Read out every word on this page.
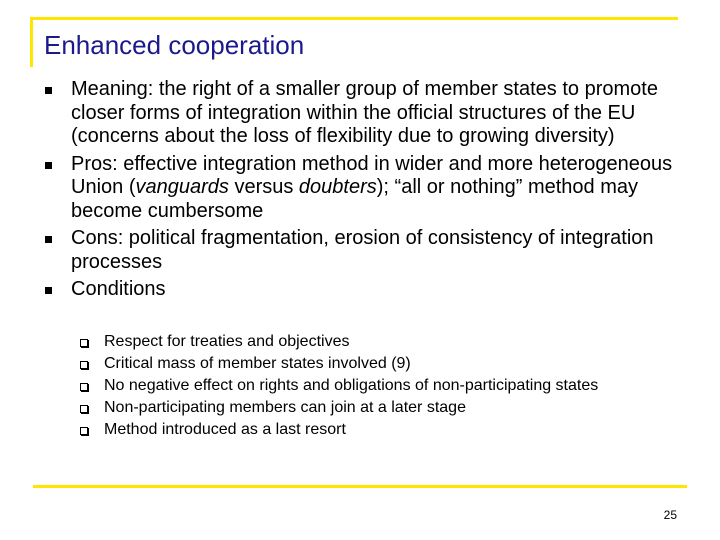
Enhanced cooperation
Meaning: the right of a smaller group of member states to promote closer forms of integration within the official structures of the EU (concerns about the loss of flexibility due to growing diversity)
Pros: effective integration method in wider and more heterogeneous Union (vanguards versus doubters); “all or nothing” method may become cumbersome
Cons: political fragmentation, erosion of consistency of integration processes
Conditions
Respect for treaties and objectives
Critical mass of member states involved (9)
No negative effect on rights and obligations of non-participating states
Non-participating members can join at a later stage
Method introduced as a last resort
25
